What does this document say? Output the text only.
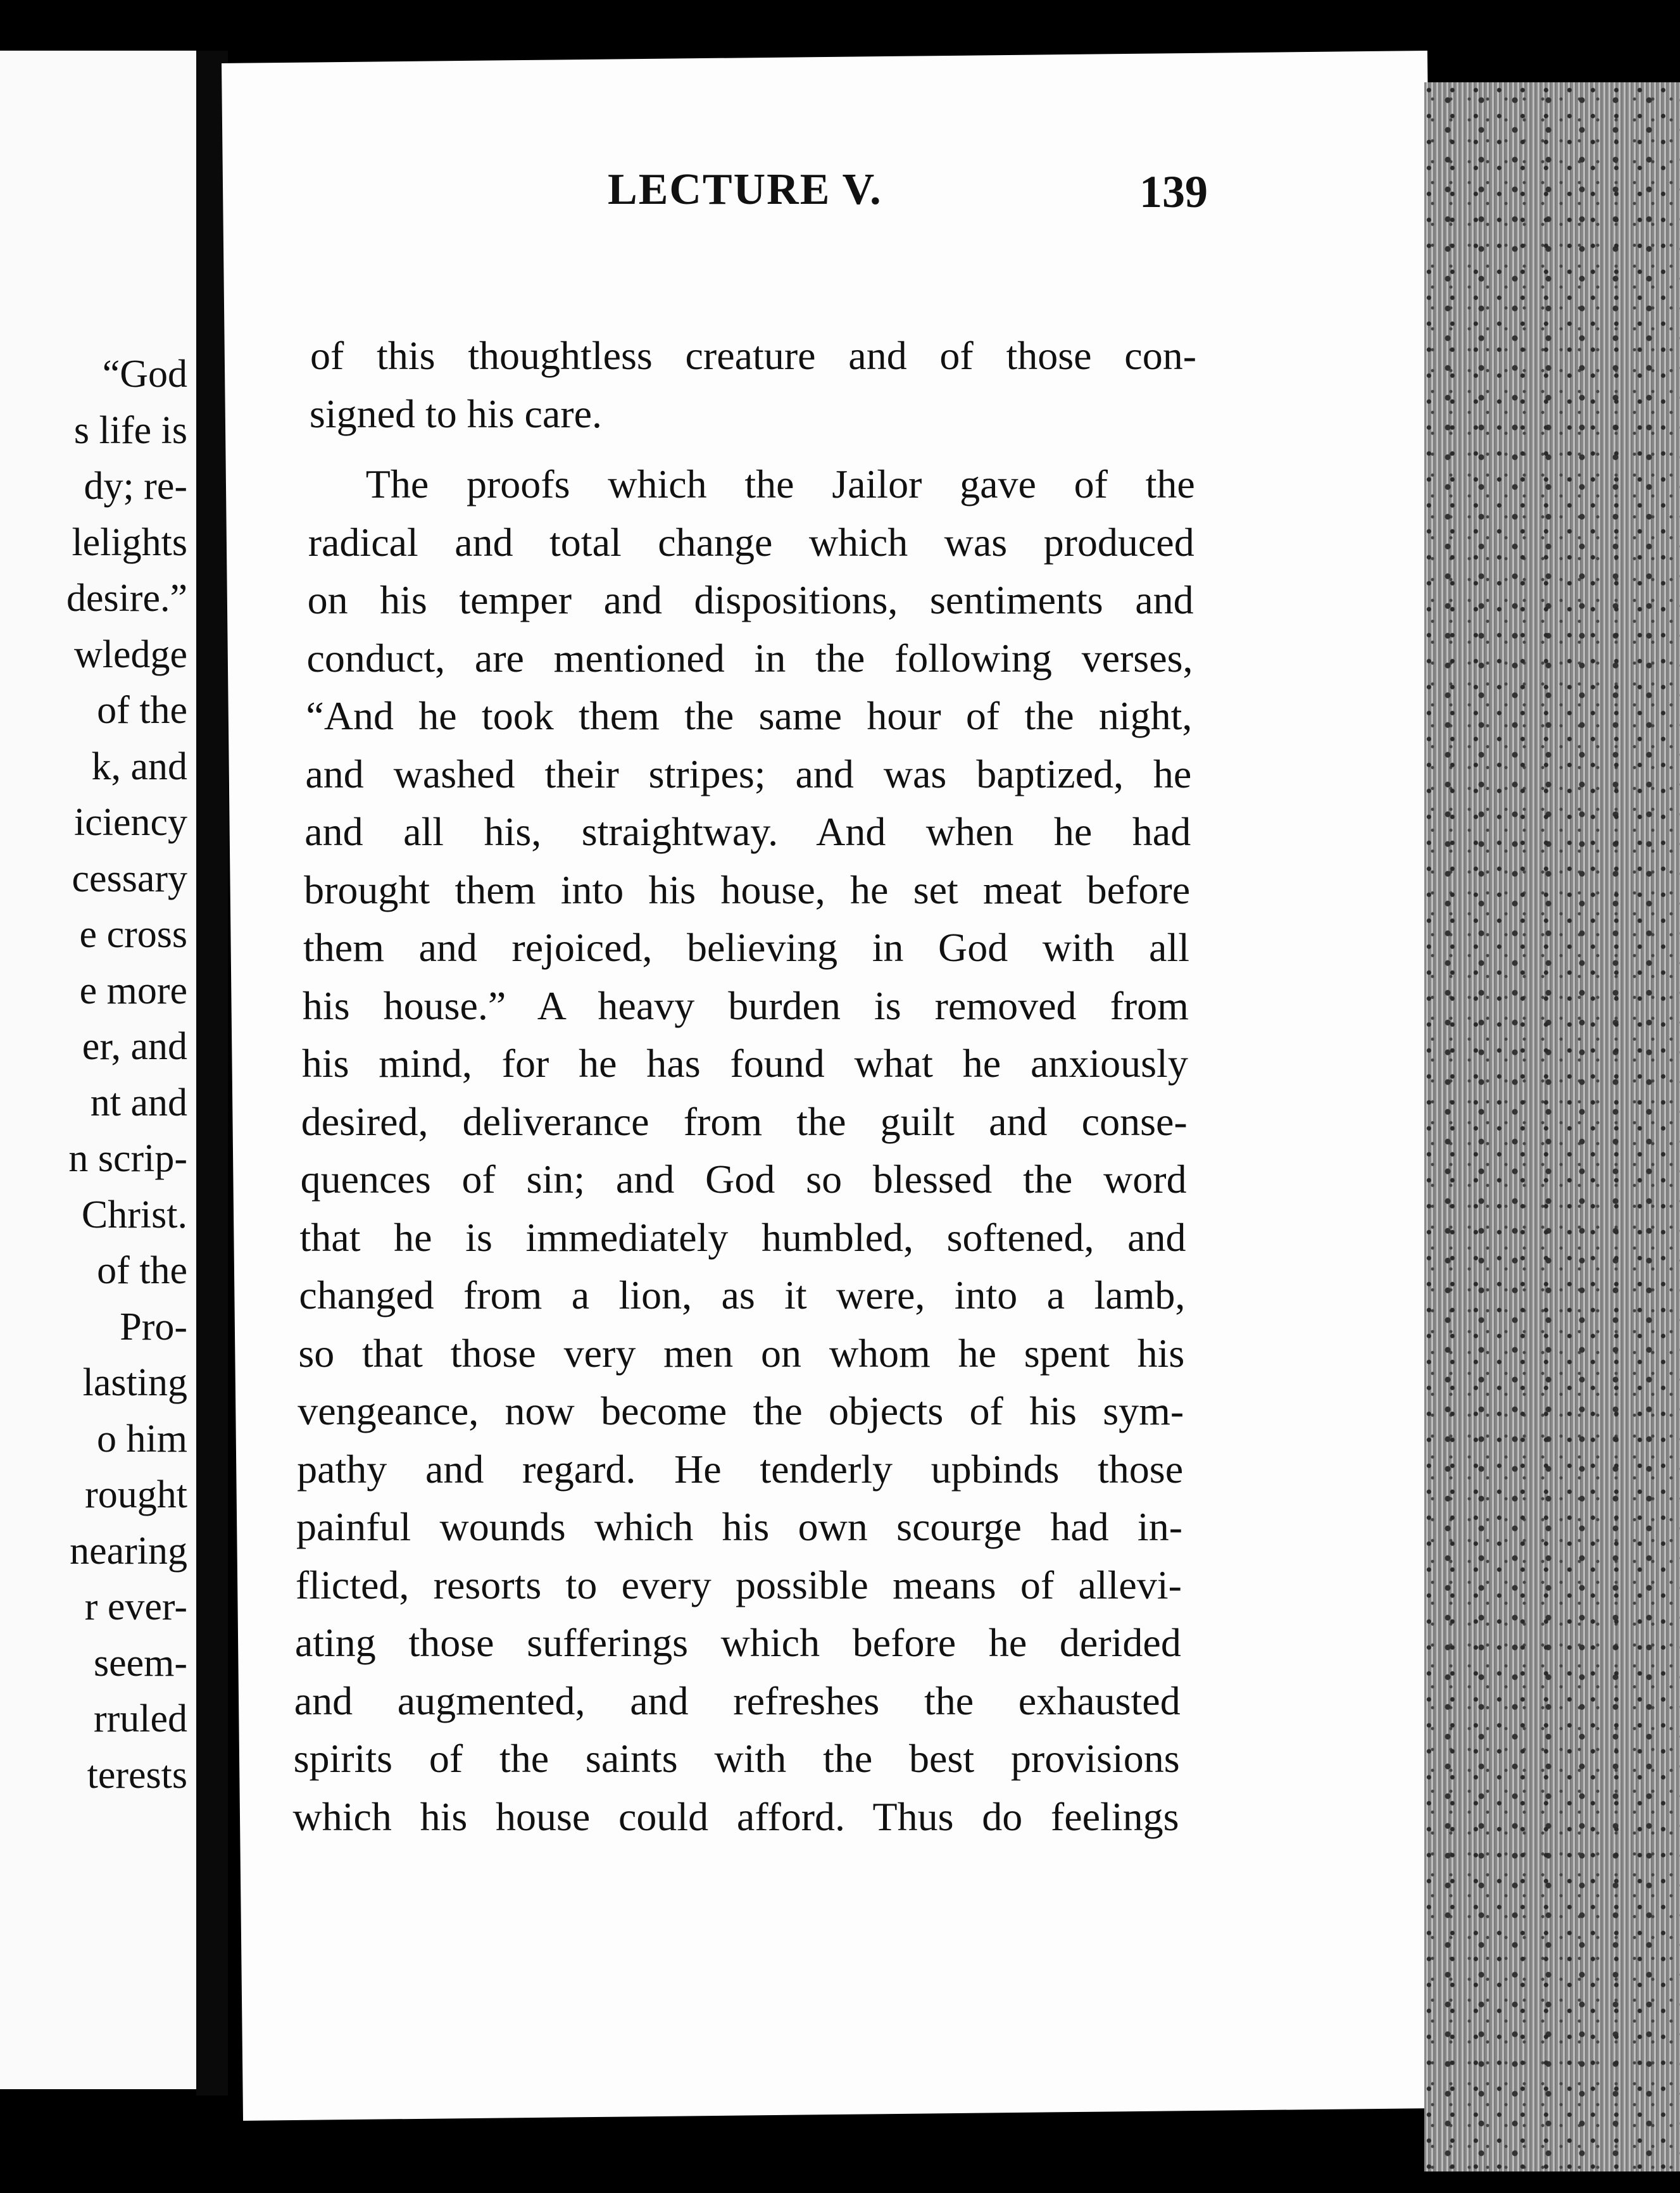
“God
s life is
dy; re-
lelights
desire.”
wledge
of the
k, and
iciency
cessary
e cross
e more
er, and
nt and
n scrip-
Christ.
of the
Pro-
lasting
o him
rought
nearing
r ever-
seem-
rruled
terests
LECTURE V.	139
of this thoughtless creature and of those con-
signed to his care.
The proofs which the Jailor gave of the
radical and total change which was produced
on his temper and dispositions, sentiments and
conduct, are mentioned in the following verses,
“And he took them the same hour of the night,
and washed their stripes; and was baptized, he
and all his, straightway. And when he had
brought them into his house, he set meat before
them and rejoiced, believing in God with all
his house.” A heavy burden is removed from
his mind, for he has found what he anxiously
desired, deliverance from the guilt and conse-
quences of sin; and God so blessed the word
that he is immediately humbled, softened, and
changed from a lion, as it were, into a lamb,
so that those very men on whom he spent his
vengeance, now become the objects of his sym-
pathy and regard. He tenderly upbinds those
painful wounds which his own scourge had in-
flicted, resorts to every possible means of allevi-
ating those sufferings which before he derided
and augmented, and refreshes the exhausted
spirits of the saints with the best provisions
which his house could afford. Thus do feelings
